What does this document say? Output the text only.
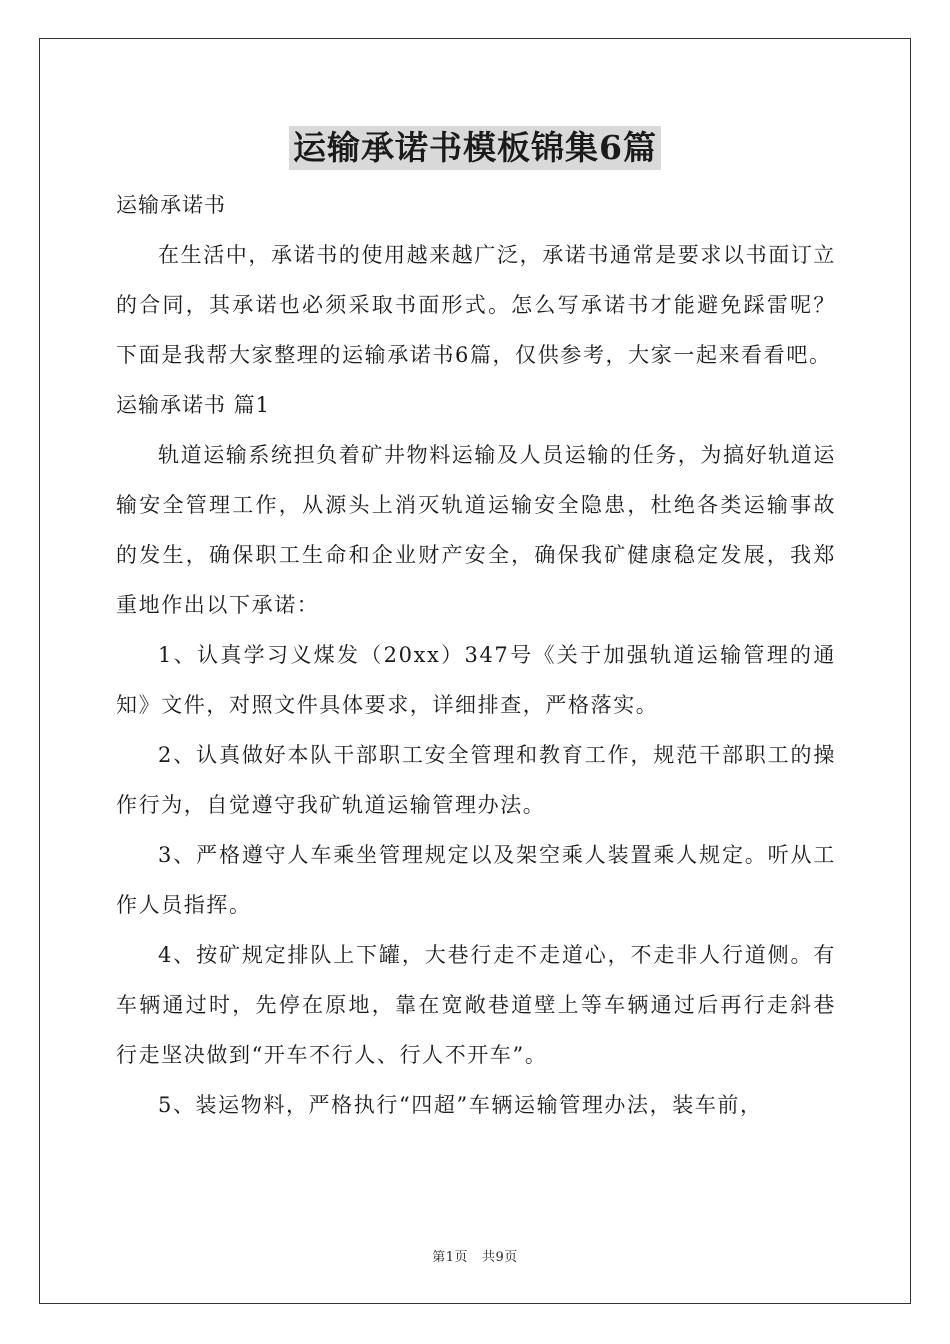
运输承诺书模板锦集6篇

运输承诺书

在生活中，承诺书的使用越来越广泛，承诺书通常是要求以书面订立的合同，其承诺也必须采取书面形式。怎么写承诺书才能避免踩雷呢？下面是我帮大家整理的运输承诺书6篇，仅供参考，大家一起来看看吧。

运输承诺书 篇1

轨道运输系统担负着矿井物料运输及人员运输的任务，为搞好轨道运输安全管理工作，从源头上消灭轨道运输安全隐患，杜绝各类运输事故的发生，确保职工生命和企业财产安全，确保我矿健康稳定发展，我郑重地作出以下承诺：

1、认真学习义煤发（20xx）347号《关于加强轨道运输管理的通知》文件，对照文件具体要求，详细排查，严格落实。

2、认真做好本队干部职工安全管理和教育工作，规范干部职工的操作行为，自觉遵守我矿轨道运输管理办法。

3、严格遵守人车乘坐管理规定以及架空乘人装置乘人规定。听从工作人员指挥。

4、按矿规定排队上下罐，大巷行走不走道心，不走非人行道侧。有车辆通过时，先停在原地，靠在宽敞巷道壁上等车辆通过后再行走斜巷行走坚决做到“开车不行人、行人不开车”。

5、装运物料，严格执行“四超”车辆运输管理办法，装车前，

第1页 共9页
